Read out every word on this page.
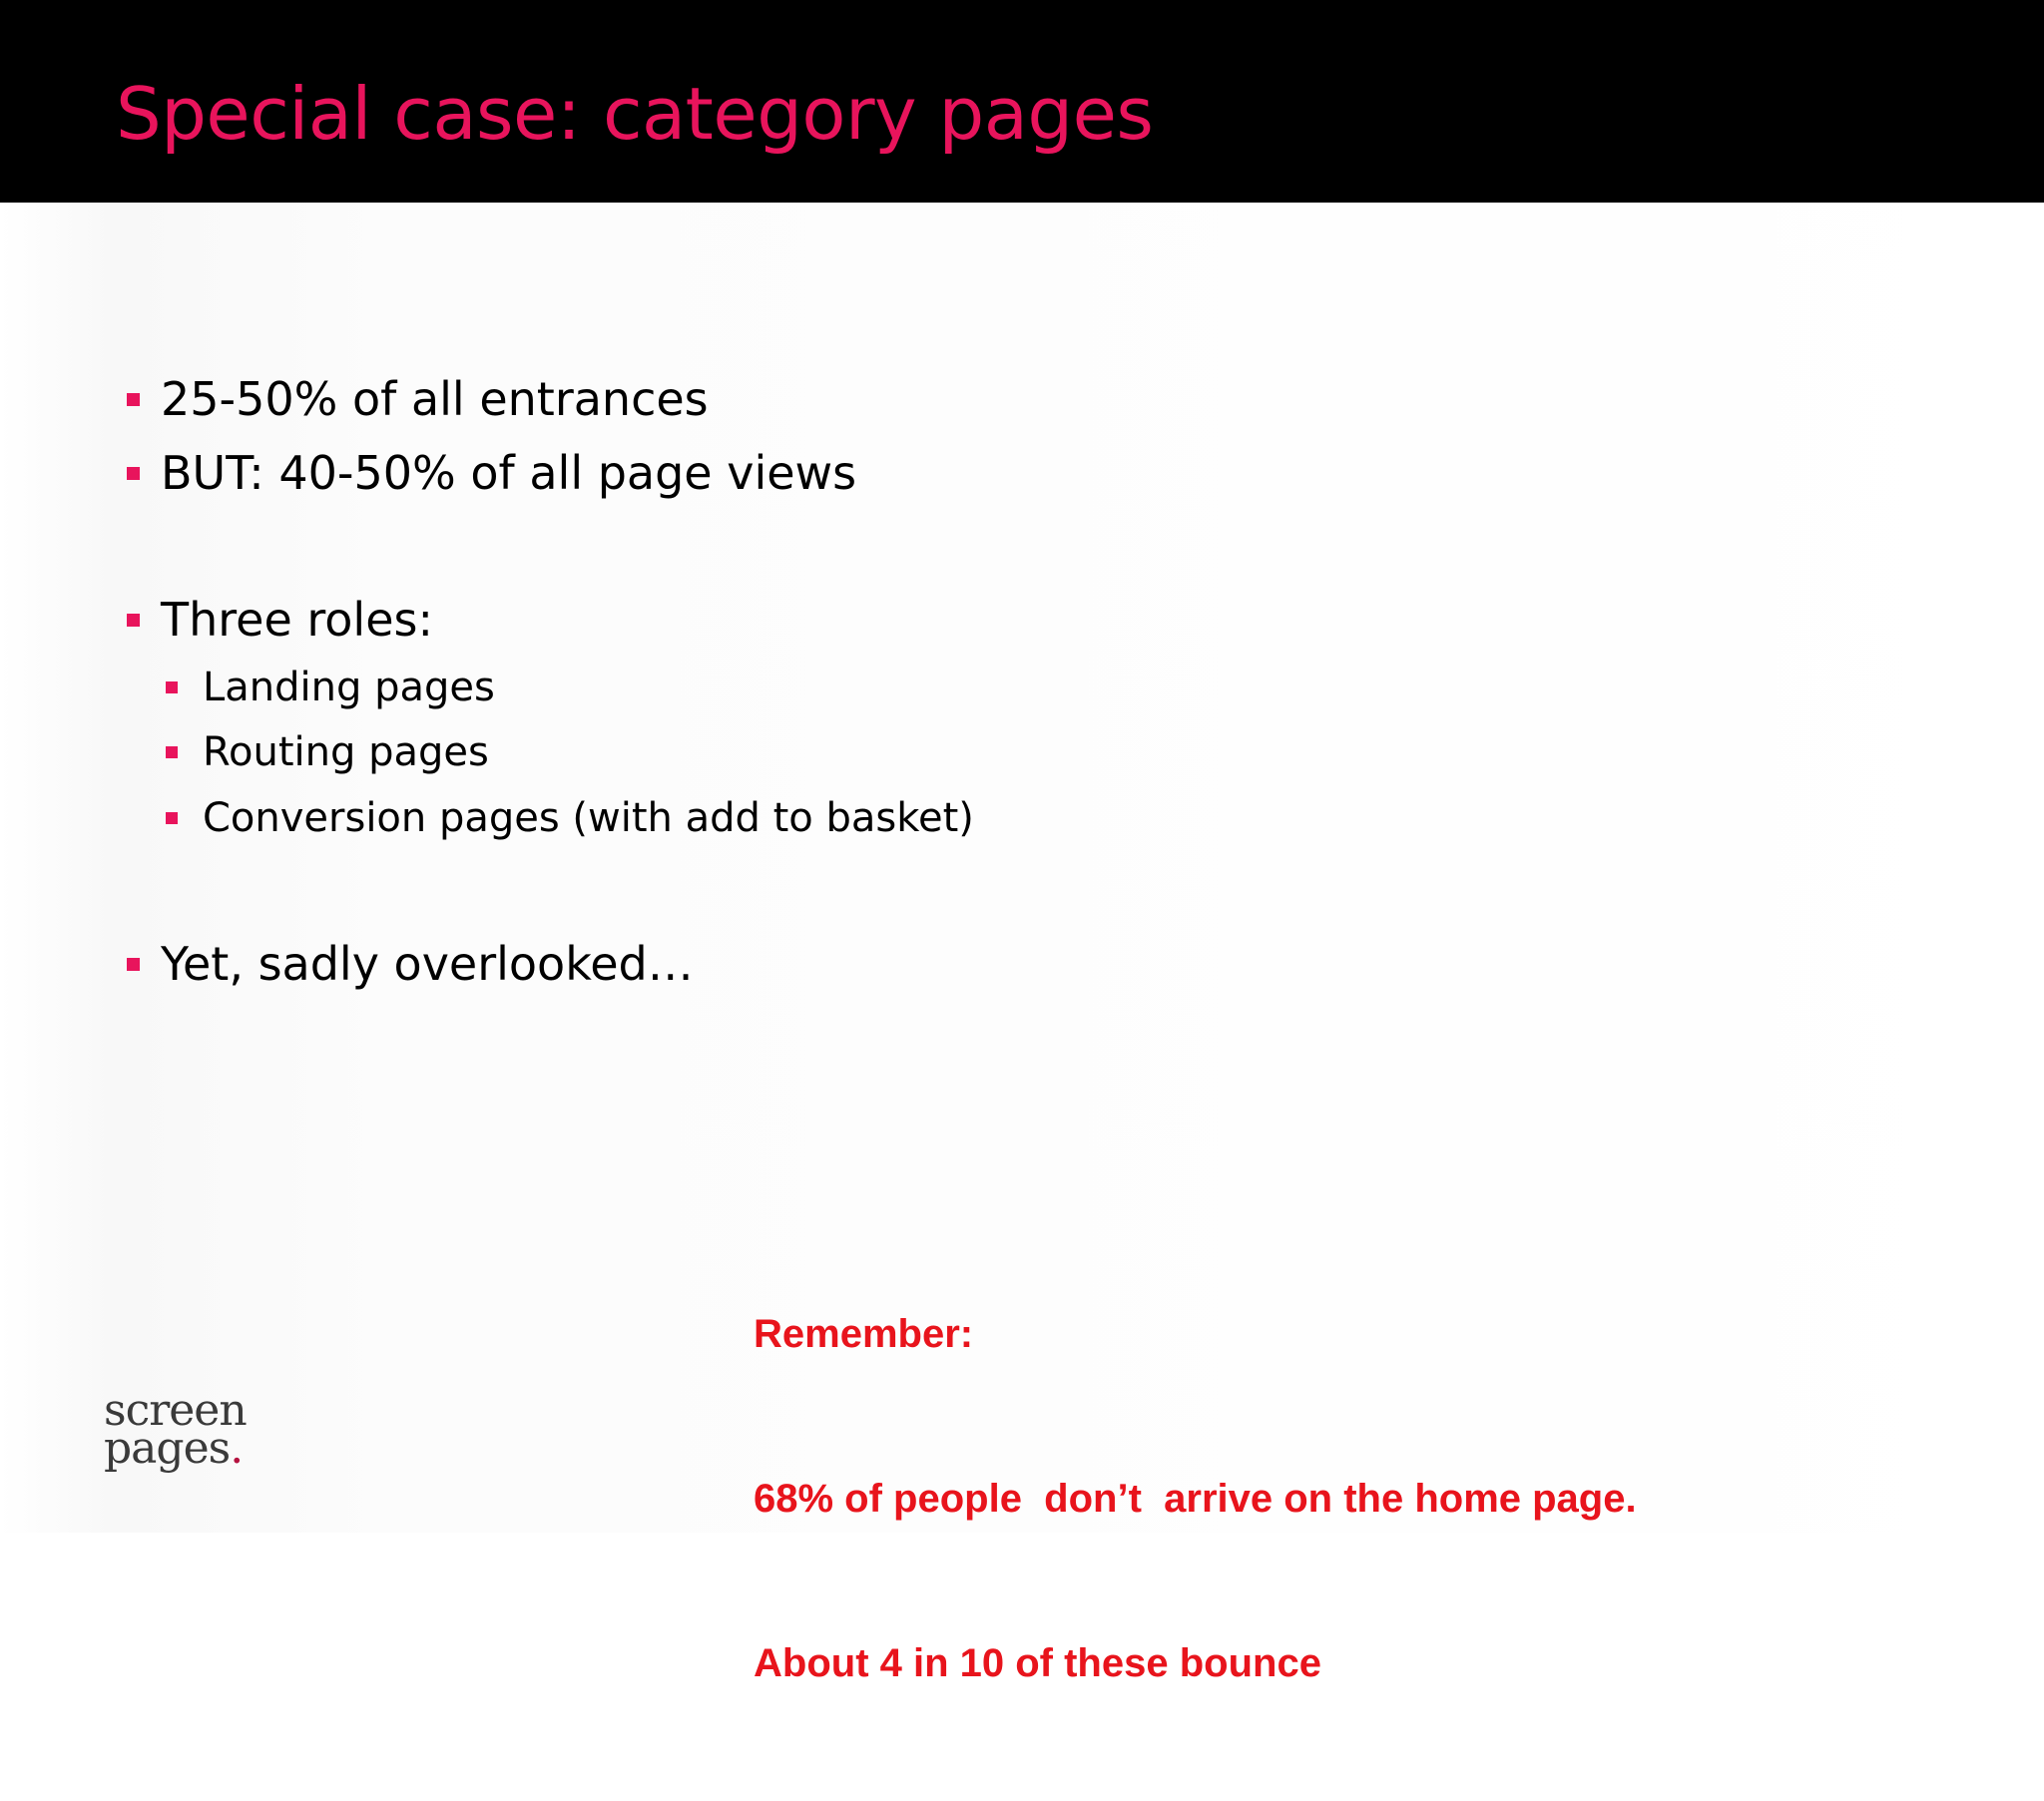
Special case: category pages
25-50% of all entrances
BUT: 40-50% of all page views
Three roles:
Landing pages
Routing pages
Conversion pages (with add to basket)
Yet, sadly overlooked…

Remember:

68% of people  don’t  arrive on the home page.

About 4 in 10 of these bounce

screen
pages.
